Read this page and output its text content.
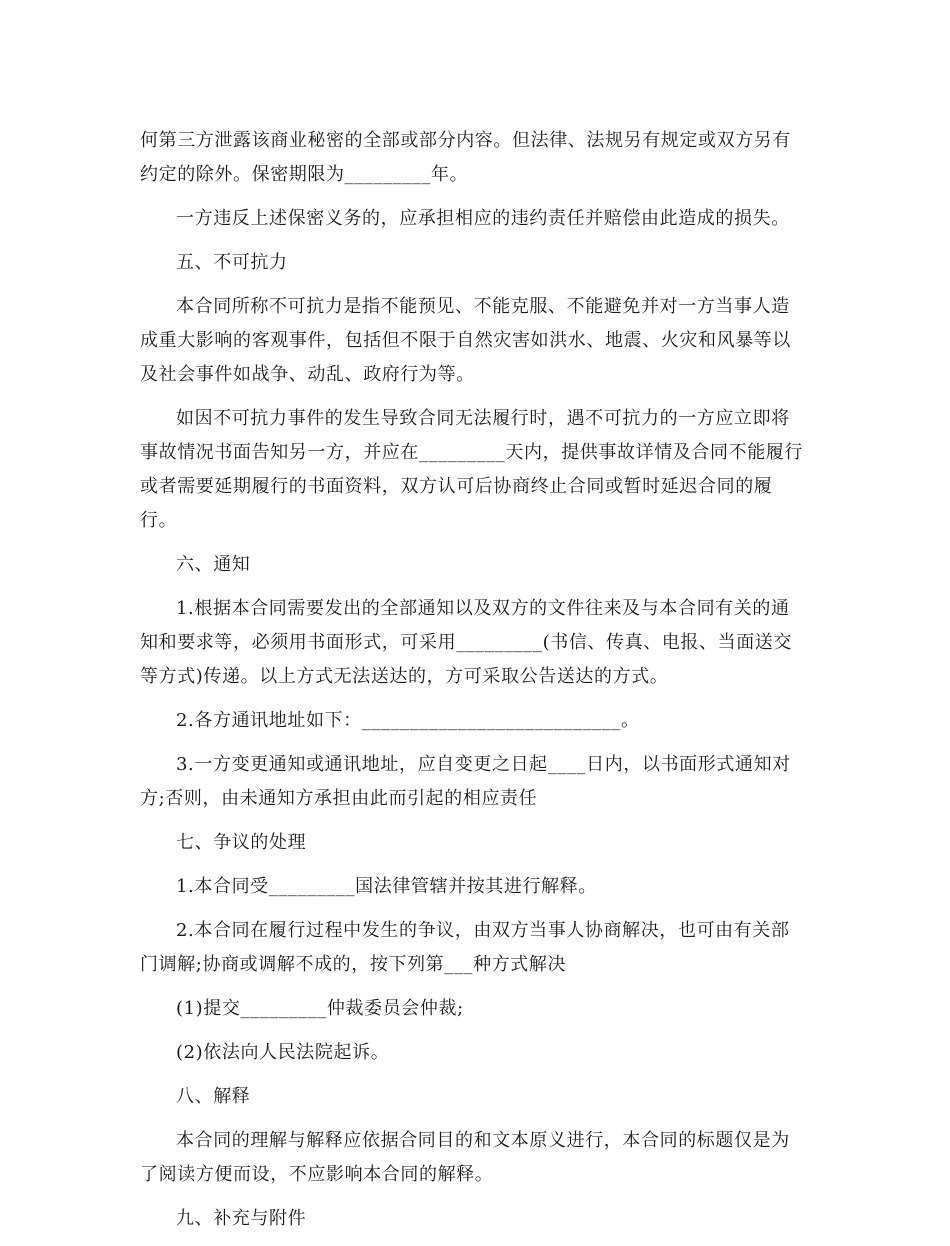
何第三方泄露该商业秘密的全部或部分内容。但法律、法规另有规定或双方另有约定的除外。保密期限为_________年。

一方违反上述保密义务的，应承担相应的违约责任并赔偿由此造成的损失。

五、不可抗力

本合同所称不可抗力是指不能预见、不能克服、不能避免并对一方当事人造成重大影响的客观事件，包括但不限于自然灾害如洪水、地震、火灾和风暴等以及社会事件如战争、动乱、政府行为等。

如因不可抗力事件的发生导致合同无法履行时，遇不可抗力的一方应立即将事故情况书面告知另一方，并应在_________天内，提供事故详情及合同不能履行或者需要延期履行的书面资料，双方认可后协商终止合同或暂时延迟合同的履行。

六、通知

1.根据本合同需要发出的全部通知以及双方的文件往来及与本合同有关的通知和要求等，必须用书面形式，可采用_________(书信、传真、电报、当面送交等方式)传递。以上方式无法送达的，方可采取公告送达的方式。

2.各方通讯地址如下：___________________________。

3.一方变更通知或通讯地址，应自变更之日起____日内，以书面形式通知对方;否则，由未通知方承担由此而引起的相应责任

七、争议的处理

1.本合同受_________国法律管辖并按其进行解释。

2.本合同在履行过程中发生的争议，由双方当事人协商解决，也可由有关部门调解;协商或调解不成的，按下列第___种方式解决

(1)提交_________仲裁委员会仲裁;

(2)依法向人民法院起诉。

八、解释

本合同的理解与解释应依据合同目的和文本原义进行，本合同的标题仅是为了阅读方便而设，不应影响本合同的解释。

九、补充与附件
